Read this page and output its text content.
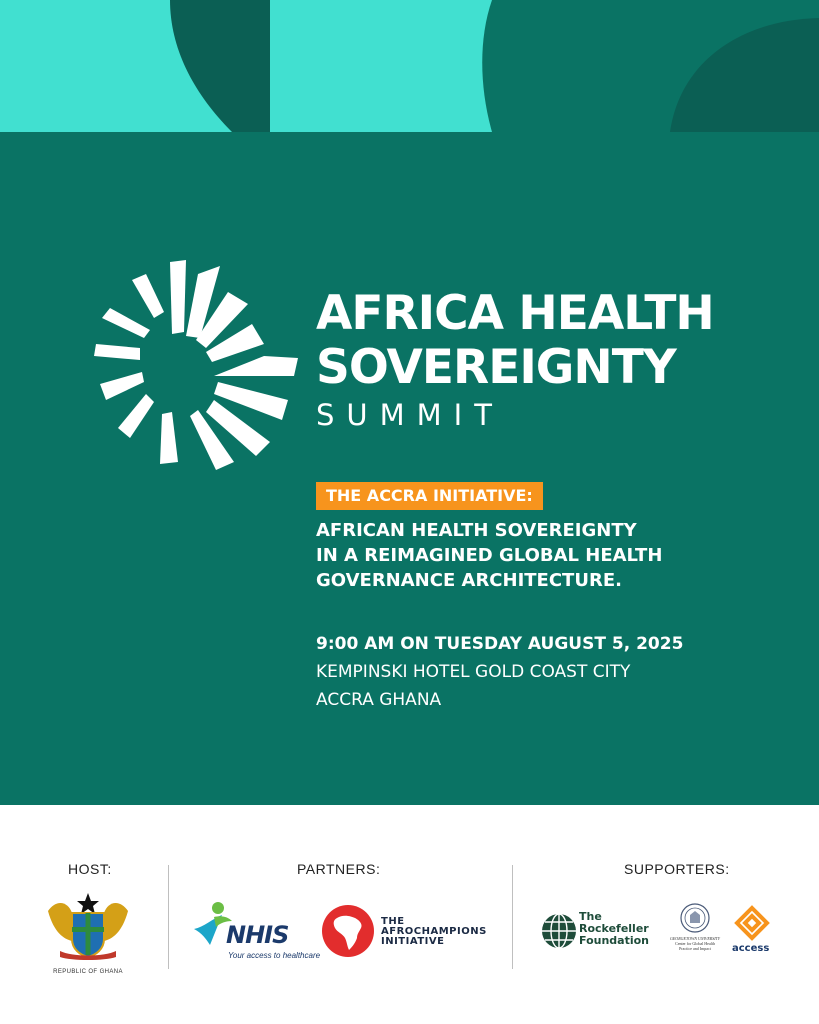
AFRICA HEALTH
SOVEREIGNTY
SUMMIT
THE ACCRA INITIATIVE:
AFRICAN HEALTH SOVEREIGNTY
IN A REIMAGINED GLOBAL HEALTH
GOVERNANCE ARCHITECTURE.
9:00 AM ON TUESDAY AUGUST 5, 2025
KEMPINSKI HOTEL GOLD COAST CITY
ACCRA GHANA
HOST:	PARTNERS:	SUPPORTERS:
REPUBLIC OF GHANA
NHIS
Your access to healthcare
THE
AFROCHAMPIONS
INITIATIVE
The
Rockefeller
Foundation	GEORGETOWN UNIVERSITY
Center for Global Health
Practice and Impact	access
